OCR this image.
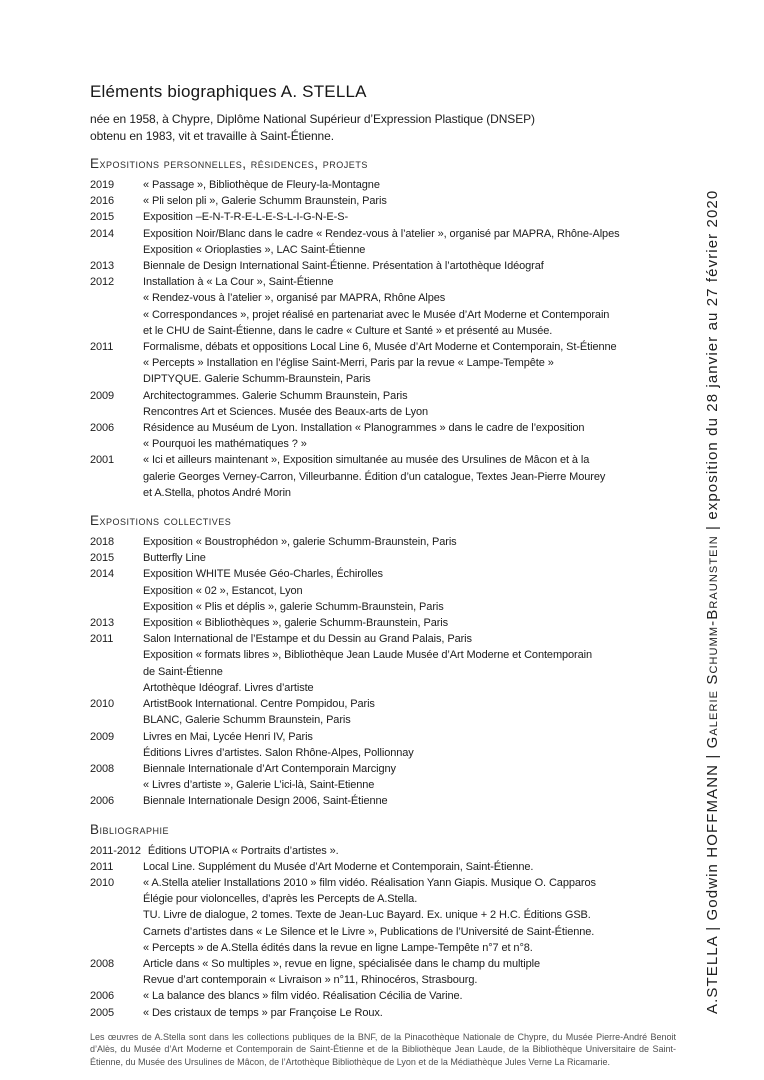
A.STELLA | Godwin HOFFMANN | Galerie Schumm-Braunstein | exposition du 28 janvier au 27 février 2020
Eléments biographiques A. STELLA

née en 1958, à Chypre, Diplôme National Supérieur d’Expression Plastique (DNSEP)

obtenu en 1983, vit et travaille à Saint-Étienne.

Expositions personnelles, résidences, projets
2019	« Passage », Bibliothèque de Fleury-la-Montagne
2016	« Pli selon pli », Galerie Schumm Braunstein, Paris
2015	Exposition –E-N-T-R-E-L-E-S-L-I-G-N-E-S-
2014	Exposition Noir/Blanc dans le cadre « Rendez-vous à l’atelier », organisé par MAPRA, Rhône-Alpes
Exposition « Orioplasties », LAC Saint-Étienne
2013	Biennale de Design International Saint-Étienne. Présentation à l’artothèque Idéograf
2012	Installation à « La Cour », Saint-Étienne
« Rendez-vous à l’atelier », organisé par MAPRA, Rhône Alpes
« Correspondances », projet réalisé en partenariat avec le Musée d’Art Moderne et Contemporain
et le CHU de Saint-Étienne, dans le cadre « Culture et Santé » et présenté au Musée.
2011	Formalisme, débats et oppositions Local Line 6, Musée d’Art Moderne et Contemporain, St-Étienne
« Percepts » Installation en l’église Saint-Merri, Paris par la revue « Lampe-Tempête »
DIPTYQUE. Galerie Schumm-Braunstein, Paris
2009	Architectogrammes. Galerie Schumm Braunstein, Paris
Rencontres Art et Sciences. Musée des Beaux-arts de Lyon
2006	Résidence au Muséum de Lyon. Installation « Planogrammes » dans le cadre de l’exposition
« Pourquoi les mathématiques ? »
2001	« Ici et ailleurs maintenant », Exposition simultanée au musée des Ursulines de Mâcon et à la
galerie Georges Verney-Carron, Villeurbanne. Édition d’un catalogue, Textes Jean-Pierre Mourey
et A.Stella, photos André Morin
Expositions collectives
2018	Exposition « Boustrophédon », galerie Schumm-Braunstein, Paris
2015	Butterfly Line
2014	Exposition WHITE Musée Géo-Charles, Échirolles
Exposition « 02 », Estancot, Lyon
Exposition « Plis et déplis », galerie Schumm-Braunstein, Paris
2013	Exposition « Bibliothèques », galerie Schumm-Braunstein, Paris
2011	Salon International de l’Estampe et du Dessin au Grand Palais, Paris
Exposition « formats libres », Bibliothèque Jean Laude Musée d’Art Moderne et Contemporain
de Saint-Étienne
Artothèque Idéograf. Livres d’artiste
2010	ArtistBook International. Centre Pompidou, Paris
BLANC, Galerie Schumm Braunstein, Paris
2009	Livres en Mai, Lycée Henri IV, Paris
Éditions Livres d’artistes. Salon Rhône-Alpes, Pollionnay
2008	Biennale Internationale d’Art Contemporain Marcigny
« Livres d’artiste », Galerie L’ici-là, Saint-Etienne
2006	Biennale Internationale Design 2006, Saint-Étienne
Bibliographie
2011-2012 Éditions UTOPIA « Portraits d’artistes ».
2011	Local Line. Supplément du Musée d’Art Moderne et Contemporain, Saint-Étienne.
2010	« A.Stella atelier Installations 2010 » film vidéo. Réalisation Yann Giapis. Musique O. Capparos
Élégie pour violoncelles, d’après les Percepts de A.Stella.
TU. Livre de dialogue, 2 tomes. Texte de Jean-Luc Bayard. Ex. unique + 2 H.C. Éditions GSB.
Carnets d’artistes dans « Le Silence et le Livre », Publications de l’Université de Saint-Étienne.
« Percepts » de A.Stella édités dans la revue en ligne Lampe-Tempête n°7 et n°8.
2008	Article dans « So multiples », revue en ligne, spécialisée dans le champ du multiple
Revue d’art contemporain « Livraison » n°11, Rhinocéros, Strasbourg.
2006	« La balance des blancs » film vidéo. Réalisation Cécilia de Varine.
2005	« Des cristaux de temps » par Françoise Le Roux.

Les œuvres de A.Stella sont dans les collections publiques de la BNF, de la Pinacothèque Nationale de Chypre, du Musée Pierre-André Benoit d’Alès, du Musée d’Art Moderne et Contemporain de Saint-Étienne et de la Bibliothèque Jean Laude, de la Bibliothèque Universitaire de Saint-Étienne, du Musée des Ursulines de Mâcon, de l’Artothèque Bibliothèque de Lyon et de la Médiathèque Jules Verne La Ricamarie.
